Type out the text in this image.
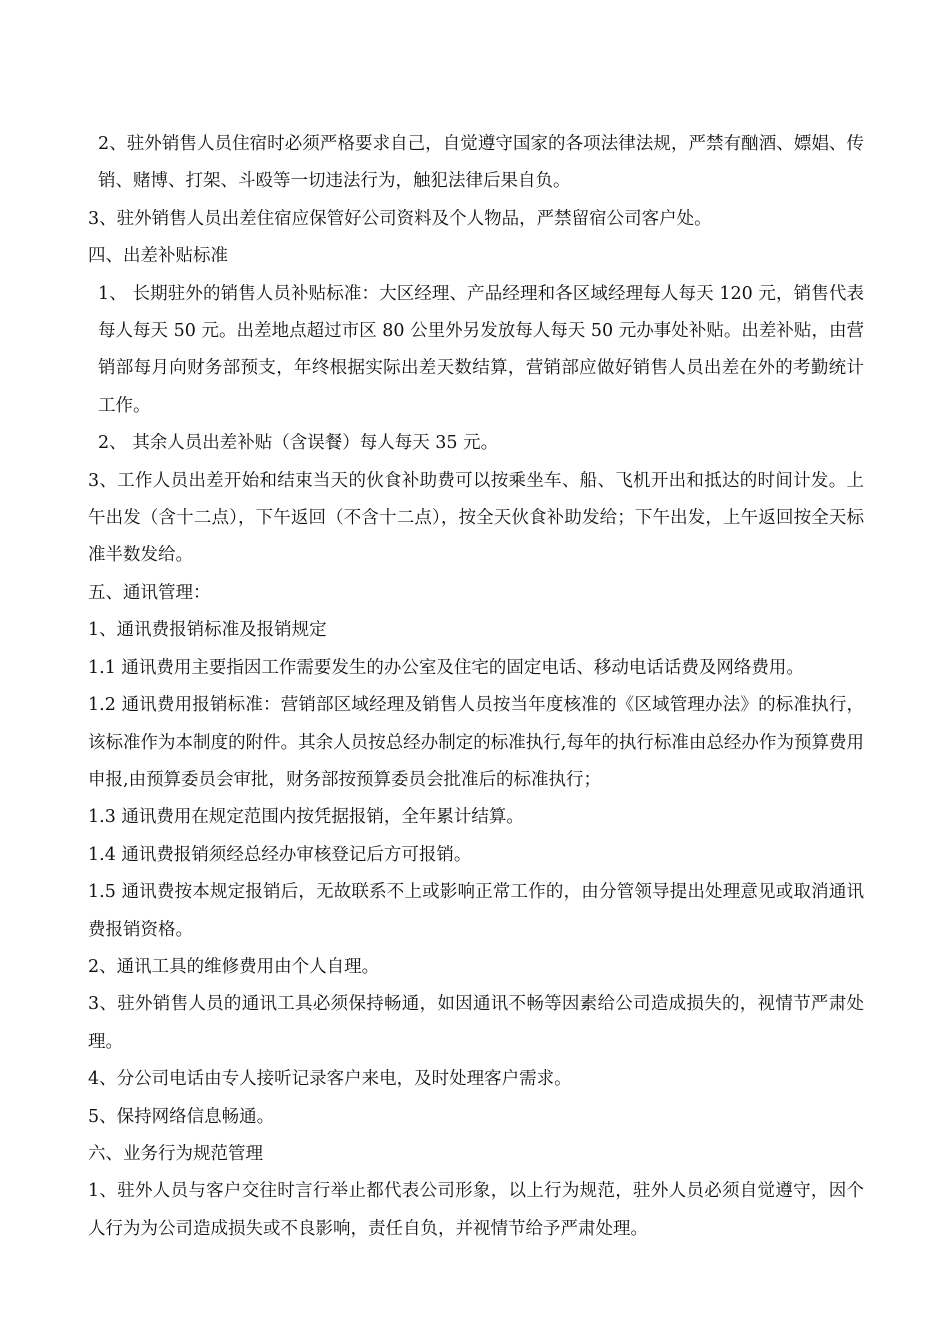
2、驻外销售人员住宿时必须严格要求自己，自觉遵守国家的各项法律法规，严禁有酗酒、嫖娼、传销、赌博、打架、斗殴等一切违法行为，触犯法律后果自负。

3、驻外销售人员出差住宿应保管好公司资料及个人物品，严禁留宿公司客户处。

四、出差补贴标准

1、 长期驻外的销售人员补贴标准：大区经理、产品经理和各区域经理每人每天 120 元，销售代表每人每天 50 元。出差地点超过市区 80 公里外另发放每人每天 50 元办事处补贴。出差补贴，由营销部每月向财务部预支，年终根据实际出差天数结算，营销部应做好销售人员出差在外的考勤统计工作。

2、 其余人员出差补贴（含误餐）每人每天 35 元。

3、工作人员出差开始和结束当天的伙食补助费可以按乘坐车、船、飞机开出和抵达的时间计发。上午出发（含十二点），下午返回（不含十二点），按全天伙食补助发给；下午出发，上午返回按全天标准半数发给。

五、通讯管理：

1、通讯费报销标准及报销规定

1.1 通讯费用主要指因工作需要发生的办公室及住宅的固定电话、移动电话话费及网络费用。

1.2 通讯费用报销标准：营销部区域经理及销售人员按当年度核准的《区域管理办法》的标准执行，该标准作为本制度的附件。其余人员按总经办制定的标准执行,每年的执行标准由总经办作为预算费用申报,由预算委员会审批，财务部按预算委员会批准后的标准执行；

1.3 通讯费用在规定范围内按凭据报销，全年累计结算。

1.4 通讯费报销须经总经办审核登记后方可报销。

1.5 通讯费按本规定报销后，无故联系不上或影响正常工作的，由分管领导提出处理意见或取消通讯费报销资格。

2、通讯工具的维修费用由个人自理。

3、驻外销售人员的通讯工具必须保持畅通，如因通讯不畅等因素给公司造成损失的，视情节严肃处理。

4、分公司电话由专人接听记录客户来电，及时处理客户需求。

5、保持网络信息畅通。

六、业务行为规范管理

1、驻外人员与客户交往时言行举止都代表公司形象，以上行为规范，驻外人员必须自觉遵守，因个人行为为公司造成损失或不良影响，责任自负，并视情节给予严肃处理。
